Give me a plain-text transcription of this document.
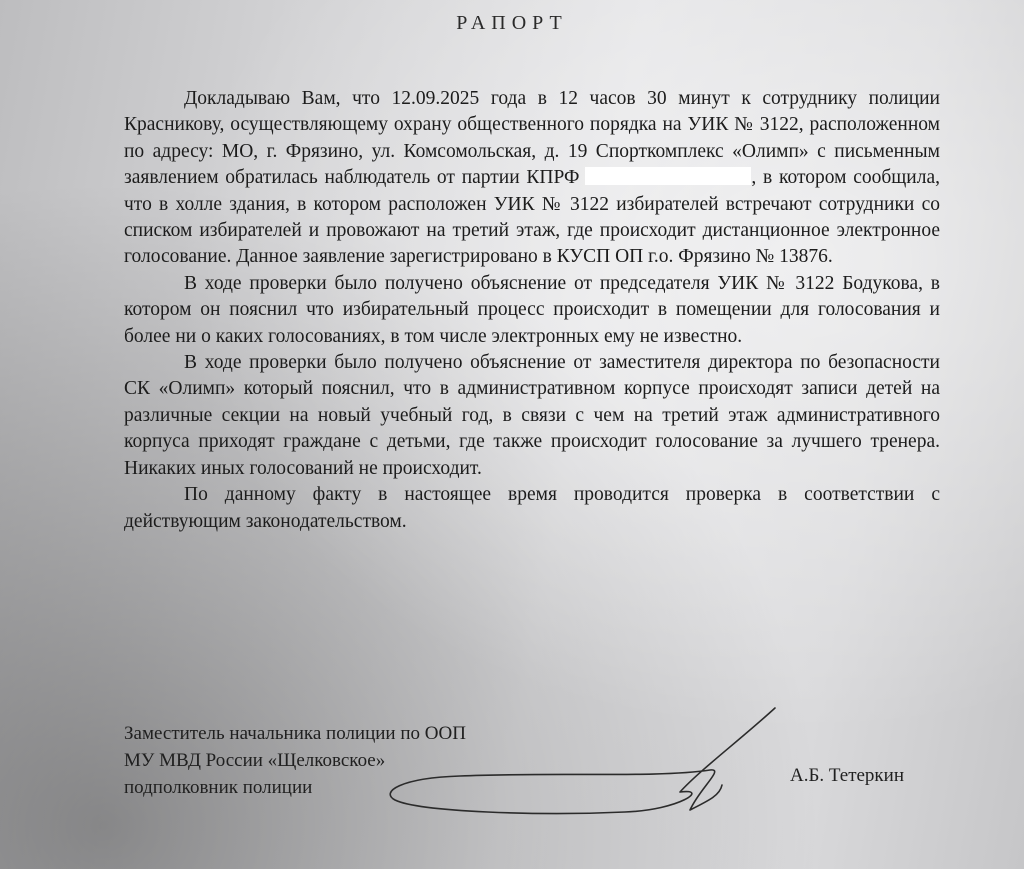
РАПОРТ

Докладываю Вам, что 12.09.2025 года в 12 часов 30 минут к сотруднику полиции Красникову, осуществляющему охрану общественного порядка на УИК № 3122, расположенном по адресу: МО, г. Фрязино, ул. Комсомольская, д. 19 Спорткомплекс «Олимп» с письменным заявлением обратилась наблюдатель от партии КПРФ	, в котором сообщила, что в холле здания, в котором расположен УИК № 3122 избирателей встречают сотрудники со списком избирателей и провожают на третий этаж, где происходит дистанционное электронное голосование. Данное заявление зарегистрировано в КУСП ОП г.о. Фрязино № 13876.

В ходе проверки было получено объяснение от председателя УИК № 3122 Бодукова, в котором он пояснил что избирательный процесс происходит в помещении для голосования и более ни о каких голосованиях, в том числе электронных ему не известно.

В ходе проверки было получено объяснение от заместителя директора по безопасности СК «Олимп» который пояснил, что в административном корпусе происходят записи детей на различные секции на новый учебный год, в связи с чем на третий этаж административного корпуса приходят граждане с детьми, где также происходит голосование за лучшего тренера. Никаких иных голосований не происходит.

По данному факту в настоящее время проводится проверка в соответствии с действующим законодательством.

Заместитель начальника полиции по ООП
МУ МВД России «Щелковское»
подполковник полиции
А.Б. Тетеркин
